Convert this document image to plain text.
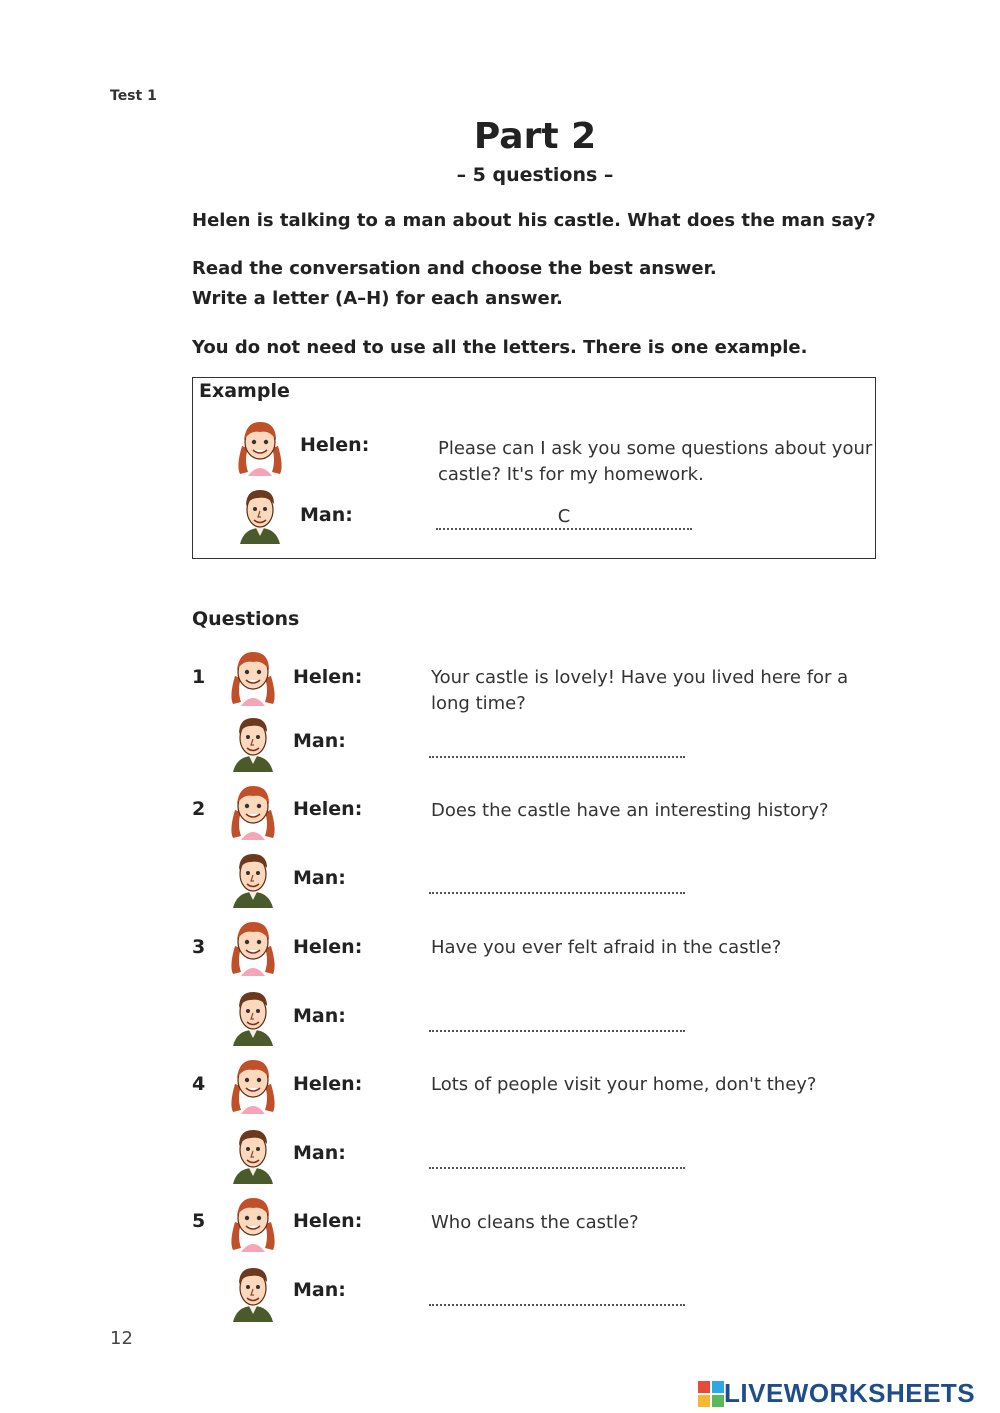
Test 1
Part 2
– 5 questions –
Helen is talking to a man about his castle. What does the man say?
Read the conversation and choose the best answer.
Write a letter (A–H) for each answer.
You do not need to use all the letters. There is one example.
Example
Helen:	Please can I ask you some questions about your castle? It's for my homework.
Man:	C
Questions
1	Helen:	Your castle is lovely! Have you lived here for a long time?
Man:
2	Helen:	Does the castle have an interesting history?
Man:
3	Helen:	Have you ever felt afraid in the castle?
Man:
4	Helen:	Lots of people visit your home, don't they?
Man:
5	Helen:	Who cleans the castle?
Man:
12
LIVEWORKSHEETS
